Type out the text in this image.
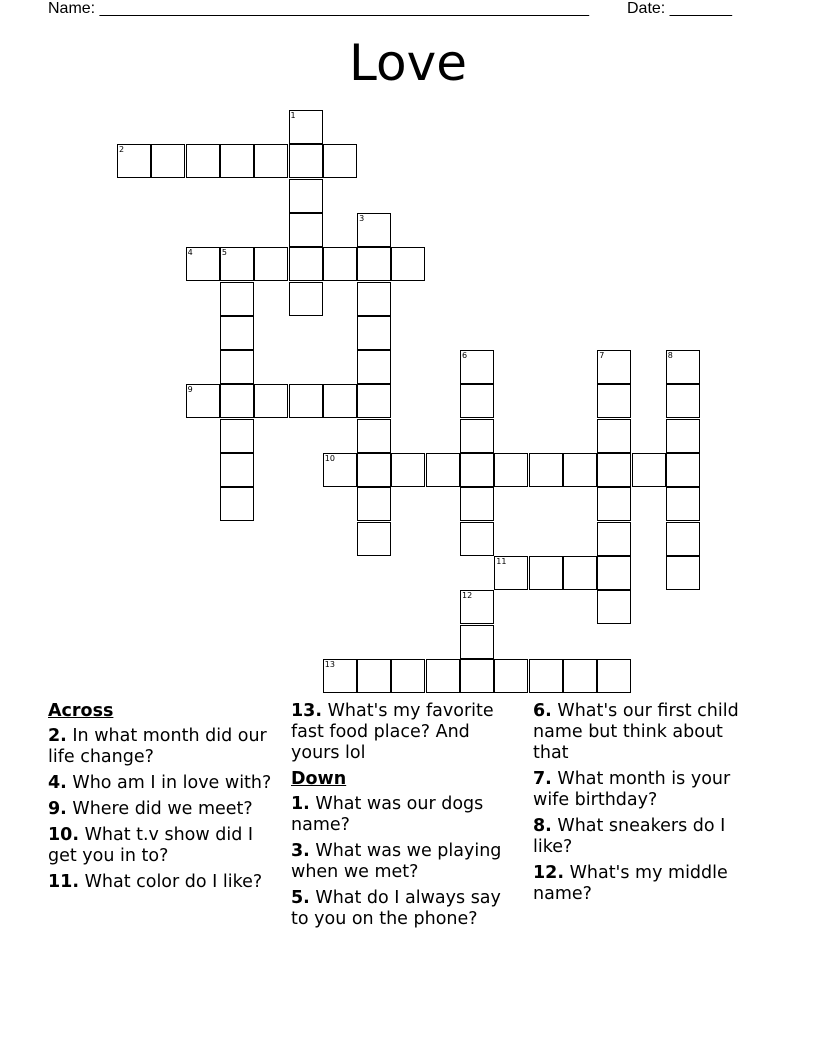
Name: _______________________________________________________ Date: _______
Love
1
2
3
4	5
6	7	8
9
10
11
12
13
Across
2. In what month did our life change?
4. Who am I in love with?
9. Where did we meet?
10. What t.v show did I get you in to?
11. What color do I like?
13. What's my favorite fast food place? And yours lol
Down
1. What was our dogs name?
3. What was we playing when we met?
5. What do I always say to you on the phone?
6. What's our first child name but think about that
7. What month is your wife birthday?
8. What sneakers do I like?
12. What's my middle name?
